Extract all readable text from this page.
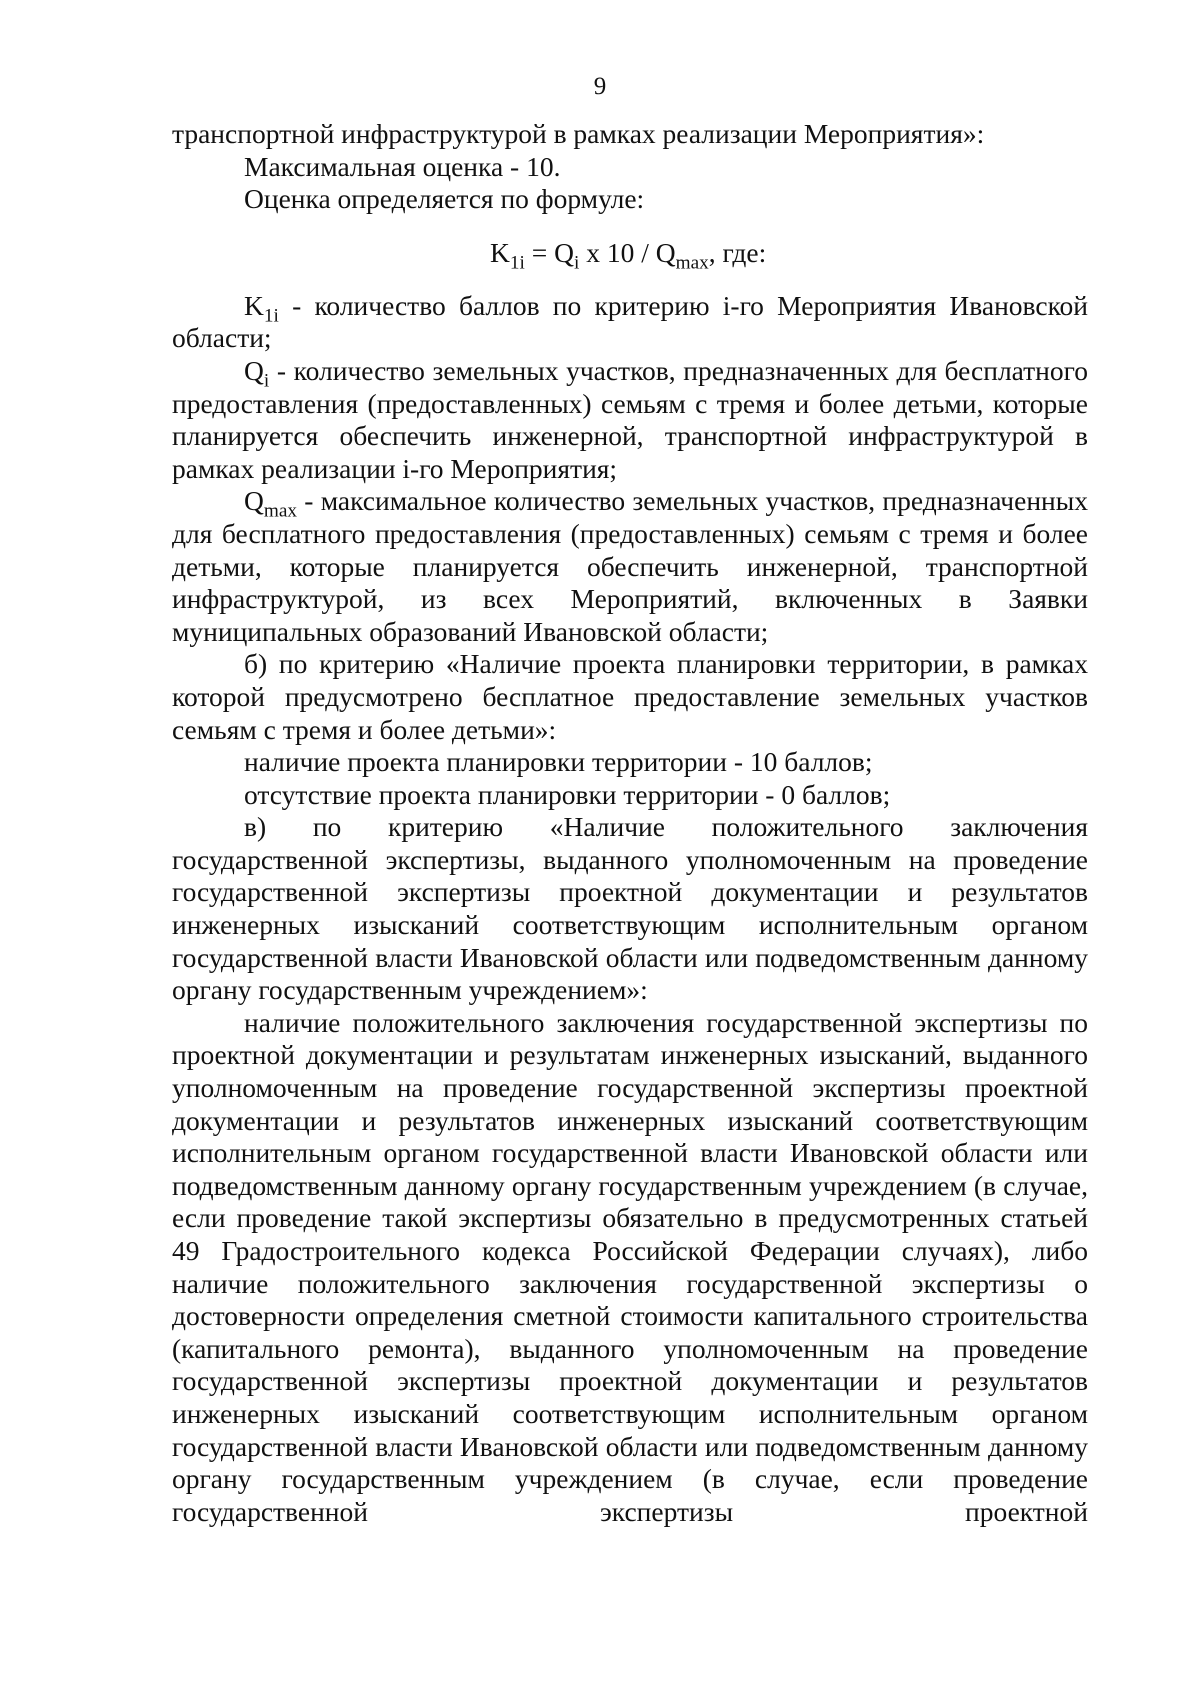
9

транспортной инфраструктурой в рамках реализации Мероприятия»:

Максимальная оценка - 10.

Оценка определяется по формуле:

$K_{1i} = Q_i$ x $10 / Q_{max}$, где:

$K_{1i}$ - количество баллов по критерию i-го Мероприятия Ивановской области;

$Q_i$ - количество земельных участков, предназначенных для бесплатного предоставления (предоставленных) семьям с тремя и более детьми, которые планируется обеспечить инженерной, транспортной инфраструктурой в рамках реализации i-го Мероприятия;

$Q_{max}$ - максимальное количество земельных участков, предназначенных для бесплатного предоставления (предоставленных) семьям с тремя и более детьми, которые планируется обеспечить инженерной, транспортной инфраструктурой, из всех Мероприятий, включенных в Заявки муниципальных образований Ивановской области;

б) по критерию «Наличие проекта планировки территории, в рамках которой предусмотрено бесплатное предоставление земельных участков семьям с тремя и более детьми»:

наличие проекта планировки территории - 10 баллов;

отсутствие проекта планировки территории - 0 баллов;

в) по критерию «Наличие положительного заключения государственной экспертизы, выданного уполномоченным на проведение государственной экспертизы проектной документации и результатов инженерных изысканий соответствующим исполнительным органом государственной власти Ивановской области или подведомственным данному органу государственным учреждением»:

наличие положительного заключения государственной экспертизы по проектной документации и результатам инженерных изысканий, выданного уполномоченным на проведение государственной экспертизы проектной документации и результатов инженерных изысканий соответствующим исполнительным органом государственной власти Ивановской области или подведомственным данному органу государственным учреждением (в случае, если проведение такой экспертизы обязательно в предусмотренных статьей 49 Градостроительного кодекса Российской Федерации случаях), либо наличие положительного заключения государственной экспертизы о достоверности определения сметной стоимости капитального строительства (капитального ремонта), выданного уполномоченным на проведение государственной экспертизы проектной документации и результатов инженерных изысканий соответствующим исполнительным органом государственной власти Ивановской области или подведомственным данному органу государственным учреждением (в случае, если проведение государственной экспертизы проектной
